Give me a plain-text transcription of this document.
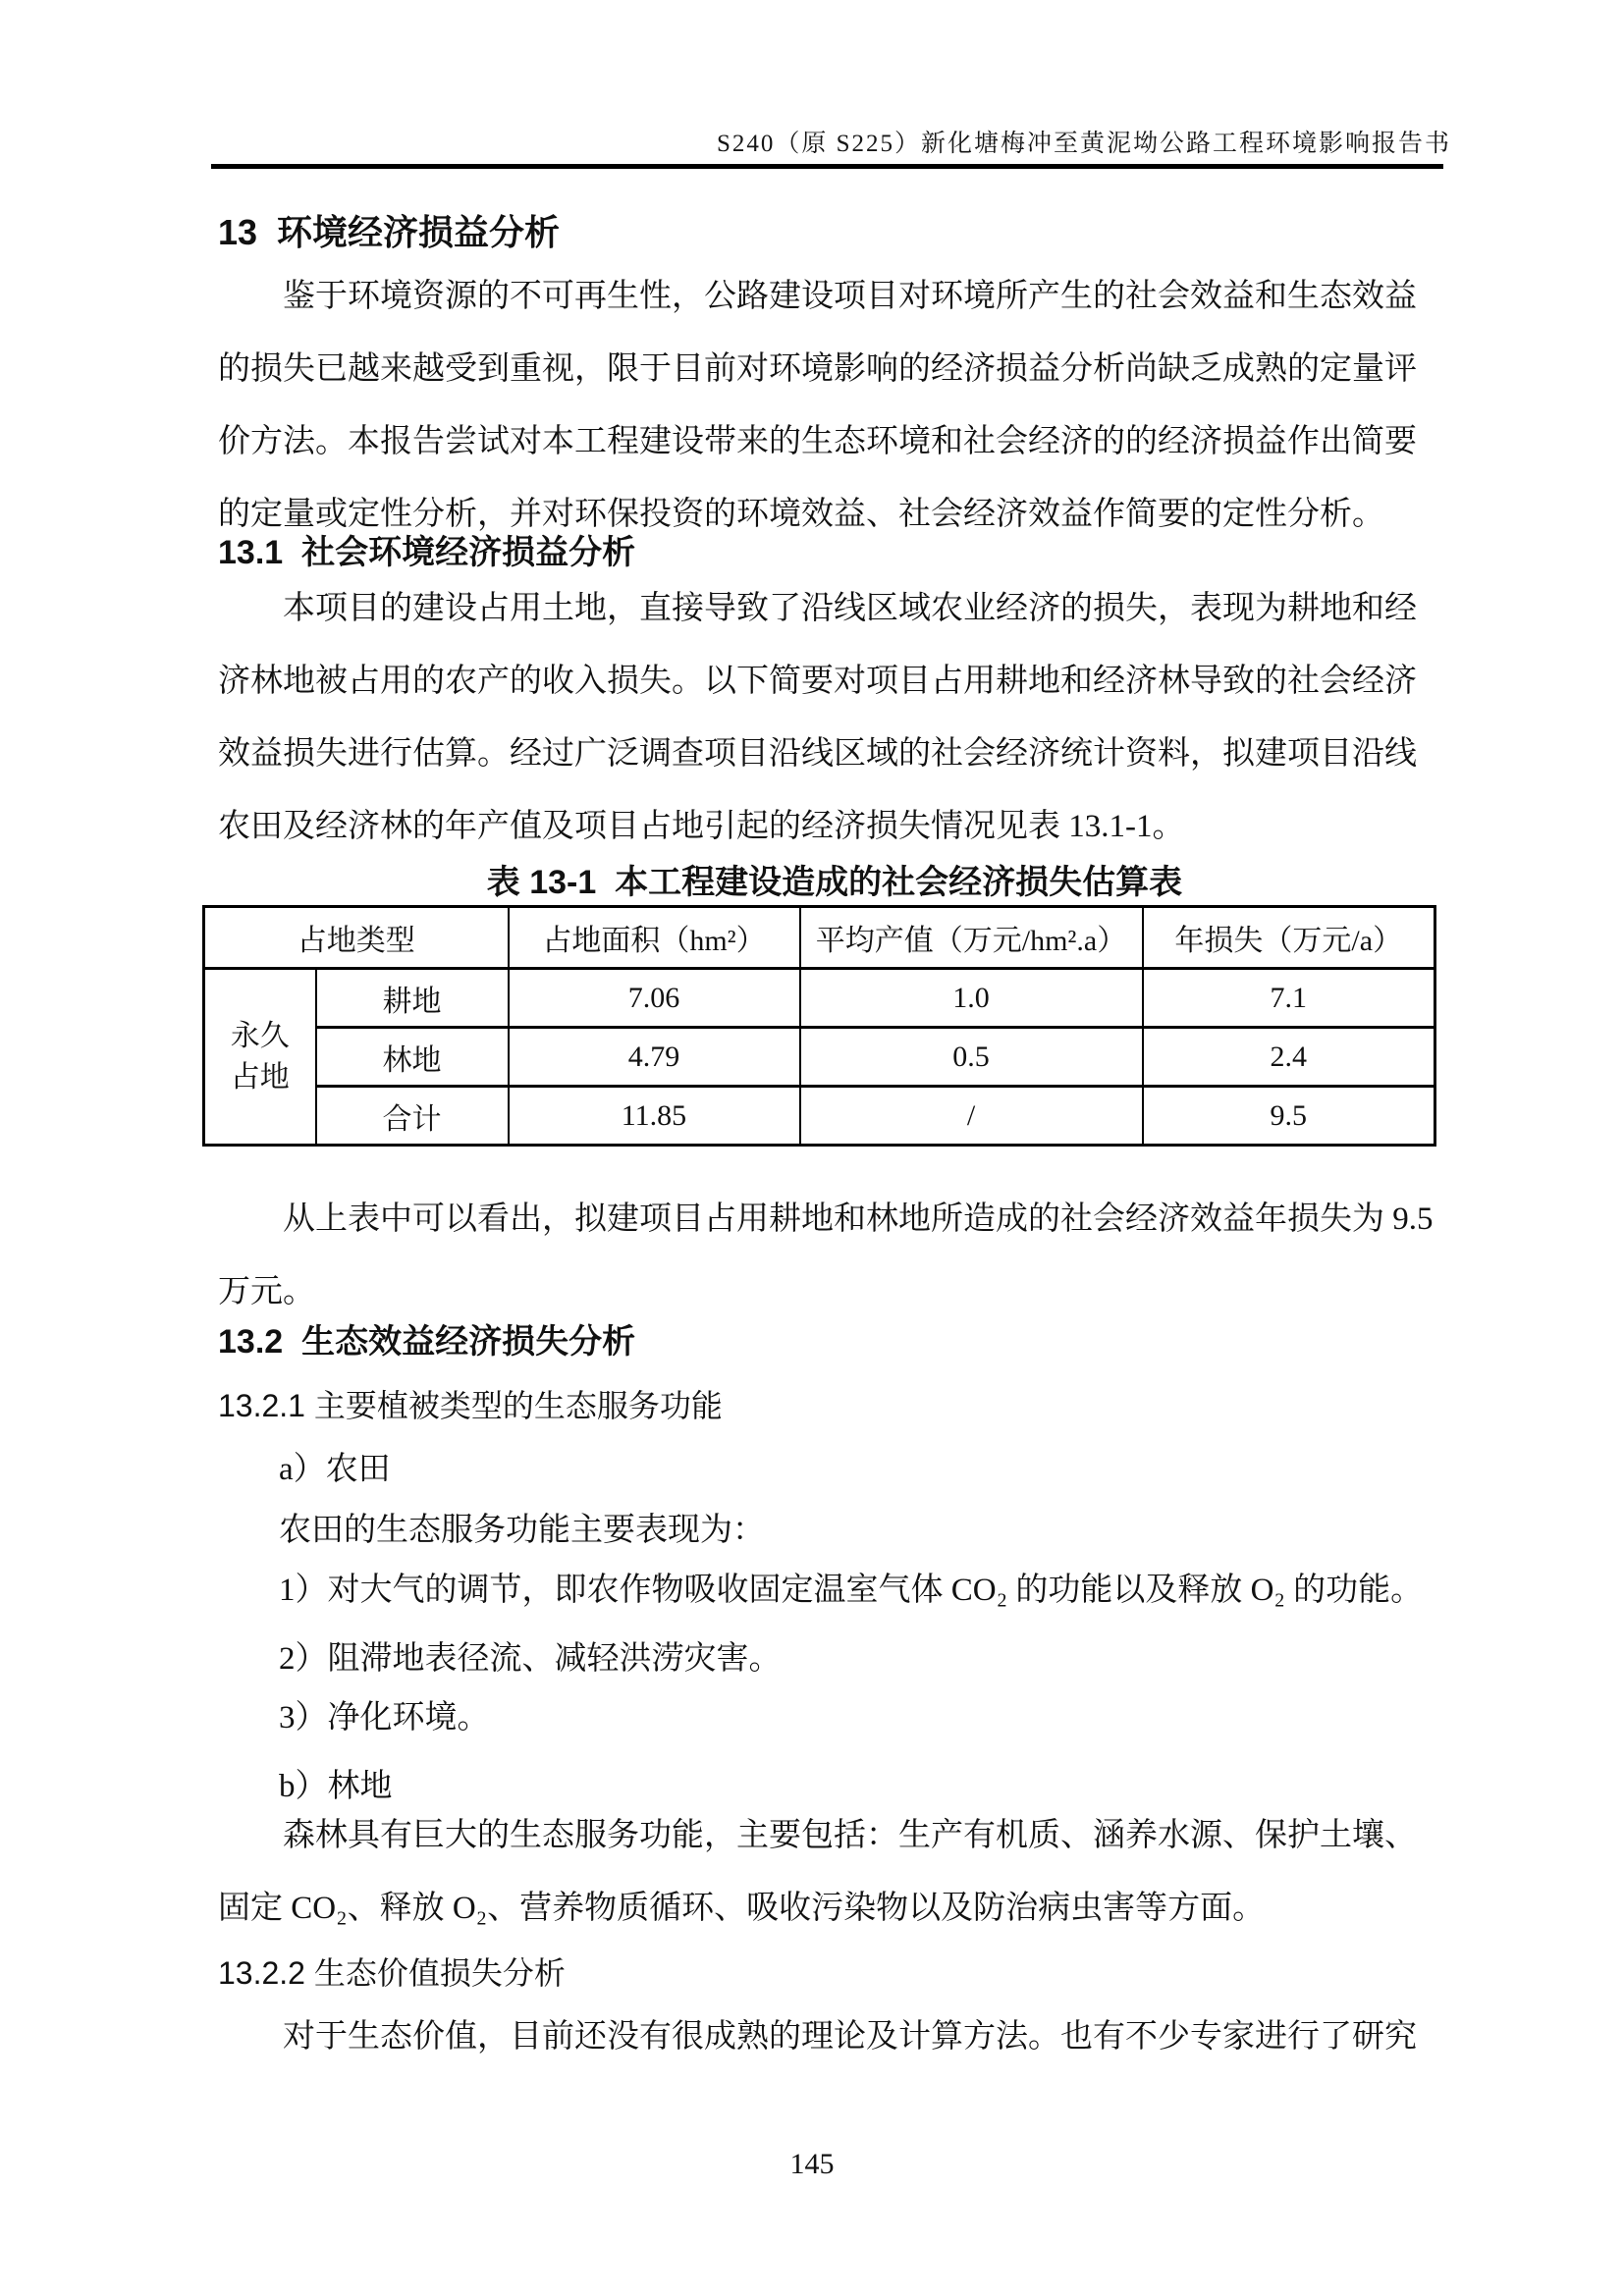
S240（原 S225）新化塘梅冲至黄泥坳公路工程环境影响报告书
13  环境经济损益分析
鉴于环境资源的不可再生性，公路建设项目对环境所产生的社会效益和生态效益
的损失已越来越受到重视，限于目前对环境影响的经济损益分析尚缺乏成熟的定量评
价方法。本报告尝试对本工程建设带来的生态环境和社会经济的的经济损益作出简要
的定量或定性分析，并对环保投资的环境效益、社会经济效益作简要的定性分析。
13.1  社会环境经济损益分析
本项目的建设占用土地，直接导致了沿线区域农业经济的损失，表现为耕地和经
济林地被占用的农产的收入损失。以下简要对项目占用耕地和经济林导致的社会经济
效益损失进行估算。经过广泛调查项目沿线区域的社会经济统计资料，拟建项目沿线
农田及经济林的年产值及项目占地引起的经济损失情况见表 13.1-1。
表 13-1  本工程建设造成的社会经济损失估算表
占地类型		占地面积（hm²）	平均产值（万元/hm².a）	年损失（万元/a）
永久占地	耕地	7.06	1.0	7.1
	林地	4.79	0.5	2.4
	合计	11.85	/	9.5
从上表中可以看出，拟建项目占用耕地和林地所造成的社会经济效益年损失为 9.5
万元。
13.2  生态效益经济损失分析
13.2.1 主要植被类型的生态服务功能
a）农田
农田的生态服务功能主要表现为：
1）对大气的调节，即农作物吸收固定温室气体 CO₂ 的功能以及释放 O₂ 的功能。
2）阻滞地表径流、减轻洪涝灾害。
3）净化环境。
b）林地
森林具有巨大的生态服务功能，主要包括：生产有机质、涵养水源、保护土壤、
固定 CO₂、释放 O₂、营养物质循环、吸收污染物以及防治病虫害等方面。
13.2.2 生态价值损失分析
对于生态价值，目前还没有很成熟的理论及计算方法。也有不少专家进行了研究
145
